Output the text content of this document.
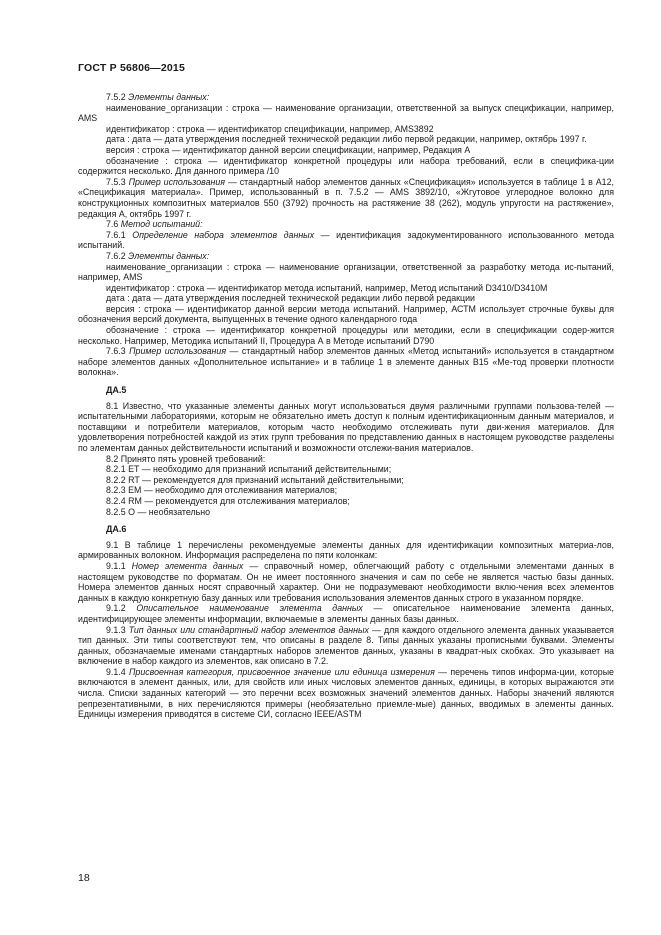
ГОСТ Р 56806—2015

7.5.2 Элементы данных:

наименование_организации : строка — наименование организации, ответственной за выпуск спецификации, например, AMS

идентификатор : строка — идентификатор спецификации, например, AMS3892

дата : дата — дата утверждения последней технической редакции либо первой редакции, например, октябрь 1997 г.

версия : строка — идентификатор данной версии спецификации, например, Редакция А

обозначение : строка — идентификатор конкретной процедуры или набора требований, если в специфика-ции содержится несколько. Для данного примера /10

7.5.3 Пример использования — стандартный набор элементов данных «Спецификация» используется в таблице 1 в А12, «Спецификация материала». Пример, использованный в п. 7.5.2 — AMS 3892/10, «Жгутовое углеродное волокно для конструкционных композитных материалов 550 (3792) прочность на растяжение 38 (262), модуль упругости на растяжение», редакция А, октябрь 1997 г.

7.6 Метод испытаний:

7.6.1 Определение набора элементов данных — идентификация задокументированного использованного метода испытаний.

7.6.2 Элементы данных:

наименование_организации : строка — наименование организации, ответственной за разработку метода ис-пытаний, например, AMS

идентификатор : строка — идентификатор метода испытаний, например, Метод испытаний D3410/D3410M

дата : дата — дата утверждения последней технической редакции либо первой редакции

версия : строка — идентификатор данной версии метода испытаний. Например, АСТМ использует строчные буквы для обозначения версий документа, выпущенных в течение одного календарного года

обозначение : строка — идентификатор конкретной процедуры или методики, если в спецификации содер-жится несколько. Например, Методика испытаний II, Процедура А в Методе испытаний D790

7.6.3 Пример использования — стандартный набор элементов данных «Метод испытаний» используется в стандартном наборе элементов данных «Дополнительное испытание» и в таблице 1 в элементе данных B15 «Ме-тод проверки плотности волокна».

ДА.5

8.1 Известно, что указанные элементы данных могут использоваться двумя различными группами пользова-телей — испытательными лабораториями, которым не обязательно иметь доступ к полным идентификационным данным материалов, и поставщики и потребители материалов, которым часто необходимо отслеживать пути дви-жения материалов. Для удовлетворения потребностей каждой из этих групп требования по представлению данных в настоящем руководстве разделены по элементам данных действительности испытаний и возможности отслежи-вания материалов.

8.2 Принято пять уровней требований:

8.2.1 ET — необходимо для признаний испытаний действительными;

8.2.2 RT — рекомендуется для признаний испытаний действительными;

8.2.3 EM — необходимо для отслеживания материалов;

8.2.4 RM — рекомендуется для отслеживания материалов;

8.2.5 О — необязательно

ДА.6

9.1 В таблице 1 перечислены рекомендуемые элементы данных для идентификации композитных материа-лов, армированных волокном. Информация распределена по пяти колонкам:

9.1.1 Номер элемента данных — справочный номер, облегчающий работу с отдельными элементами данных в настоящем руководстве по форматам. Он не имеет постоянного значения и сам по себе не является частью базы данных. Номера элементов данных носят справочный характер. Они не подразумевают необходимости вклю-чения всех элементов данных в каждую конкретную базу данных или требования использования элементов данных строго в указанном порядке.

9.1.2 Описательное наименование элемента данных — описательное наименование элемента данных, идентифицирующее элементы информации, включаемые в элементы данных базы данных.

9.1.3 Тип данных или стандартный набор элементов данных — для каждого отдельного элемента данных указывается тип данных. Эти типы соответствуют тем, что описаны в разделе 8. Типы данных указаны прописными буквами. Элементы данных, обозначаемые именами стандартных наборов элементов данных, указаны в квадрат-ных скобках. Это указывает на включение в набор каждого из элементов, как описано в 7.2.

9.1.4 Присвоенная категория, присвоенное значение или единица измерения — перечень типов информа-ции, которые включаются в элемент данных, или, для свойств или иных числовых элементов данных, единицы, в которых выражаются эти числа. Списки заданных категорий — это перечни всех возможных значений элементов данных. Наборы значений являются репрезентативными, в них перечисляются примеры (необязательно приемле-мые) данных, вводимых в элементы данных. Единицы измерения приводятся в системе СИ, согласно IEEE/ASTM

18
